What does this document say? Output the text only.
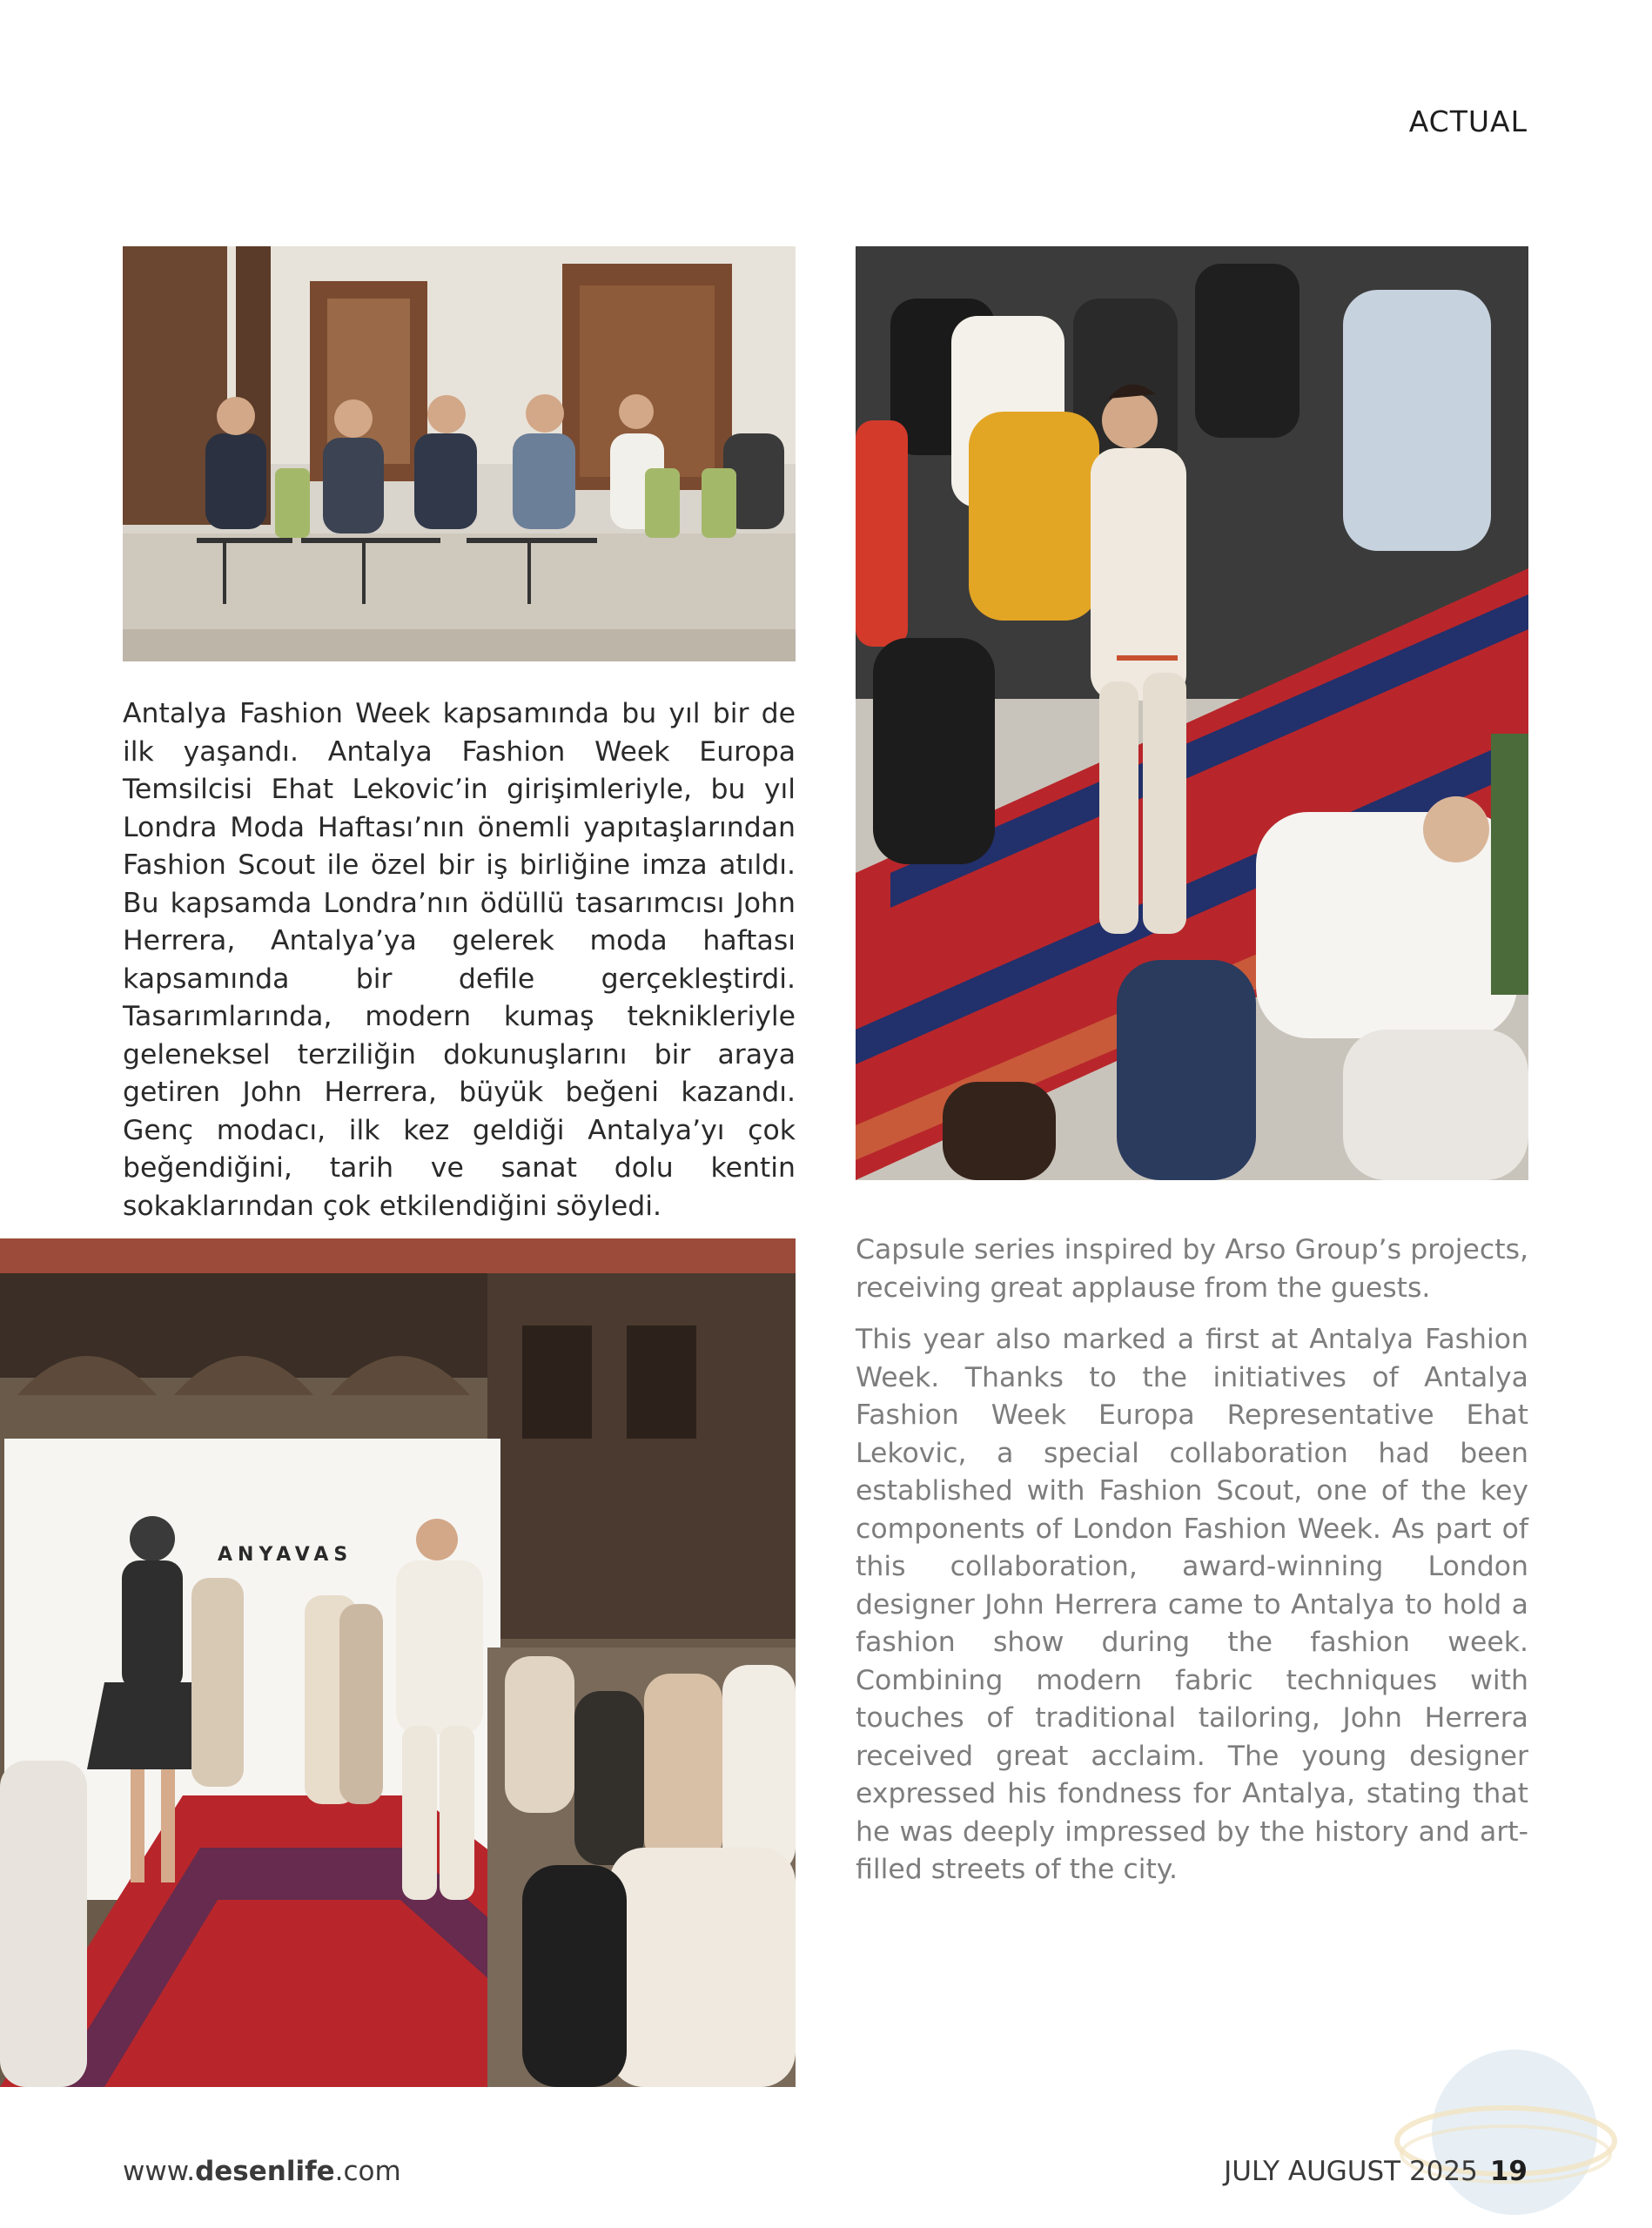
ACTUAL

Antalya Fashion Week kapsamında bu yıl bir de ilk yaşandı. Antalya Fashion Week Europa Temsilcisi Ehat Lekovic’in girişimleriyle, bu yıl Londra Moda Haftası’nın önemli yapıtaşlarından Fashion Scout ile özel bir iş birliğine imza atıldı. Bu kapsamda Londra’nın ödüllü tasarımcısı John Herrera, Antalya’ya gelerek moda haftası kapsamında bir defile gerçekleştirdi. Tasarımlarında, modern kumaş teknikleriyle geleneksel terziliğin dokunuşlarını bir araya getiren John Herrera, büyük beğeni kazandı. Genç modacı, ilk kez geldiği Antalya’yı çok beğendiğini, tarih ve sanat dolu kentin sokaklarından çok etkilendiğini söyledi.

ANYAVAS

Capsule series inspired by Arso Group’s projects, receiving great applause from the guests.

This year also marked a first at Antalya Fashion Week. Thanks to the initiatives of Antalya Fashion Week Europa Representative Ehat Lekovic, a special collaboration had been established with Fashion Scout, one of the key components of London Fashion Week. As part of this collaboration, award-winning London designer John Herrera came to Antalya to hold a fashion show during the fashion week. Combining modern fabric techniques with touches of traditional tailoring, John Herrera received great acclaim. The young designer expressed his fondness for Antalya, stating that he was deeply impressed by the history and art-filled streets of the city.

www.desenlife.com	JULY AUGUST 2025 19
